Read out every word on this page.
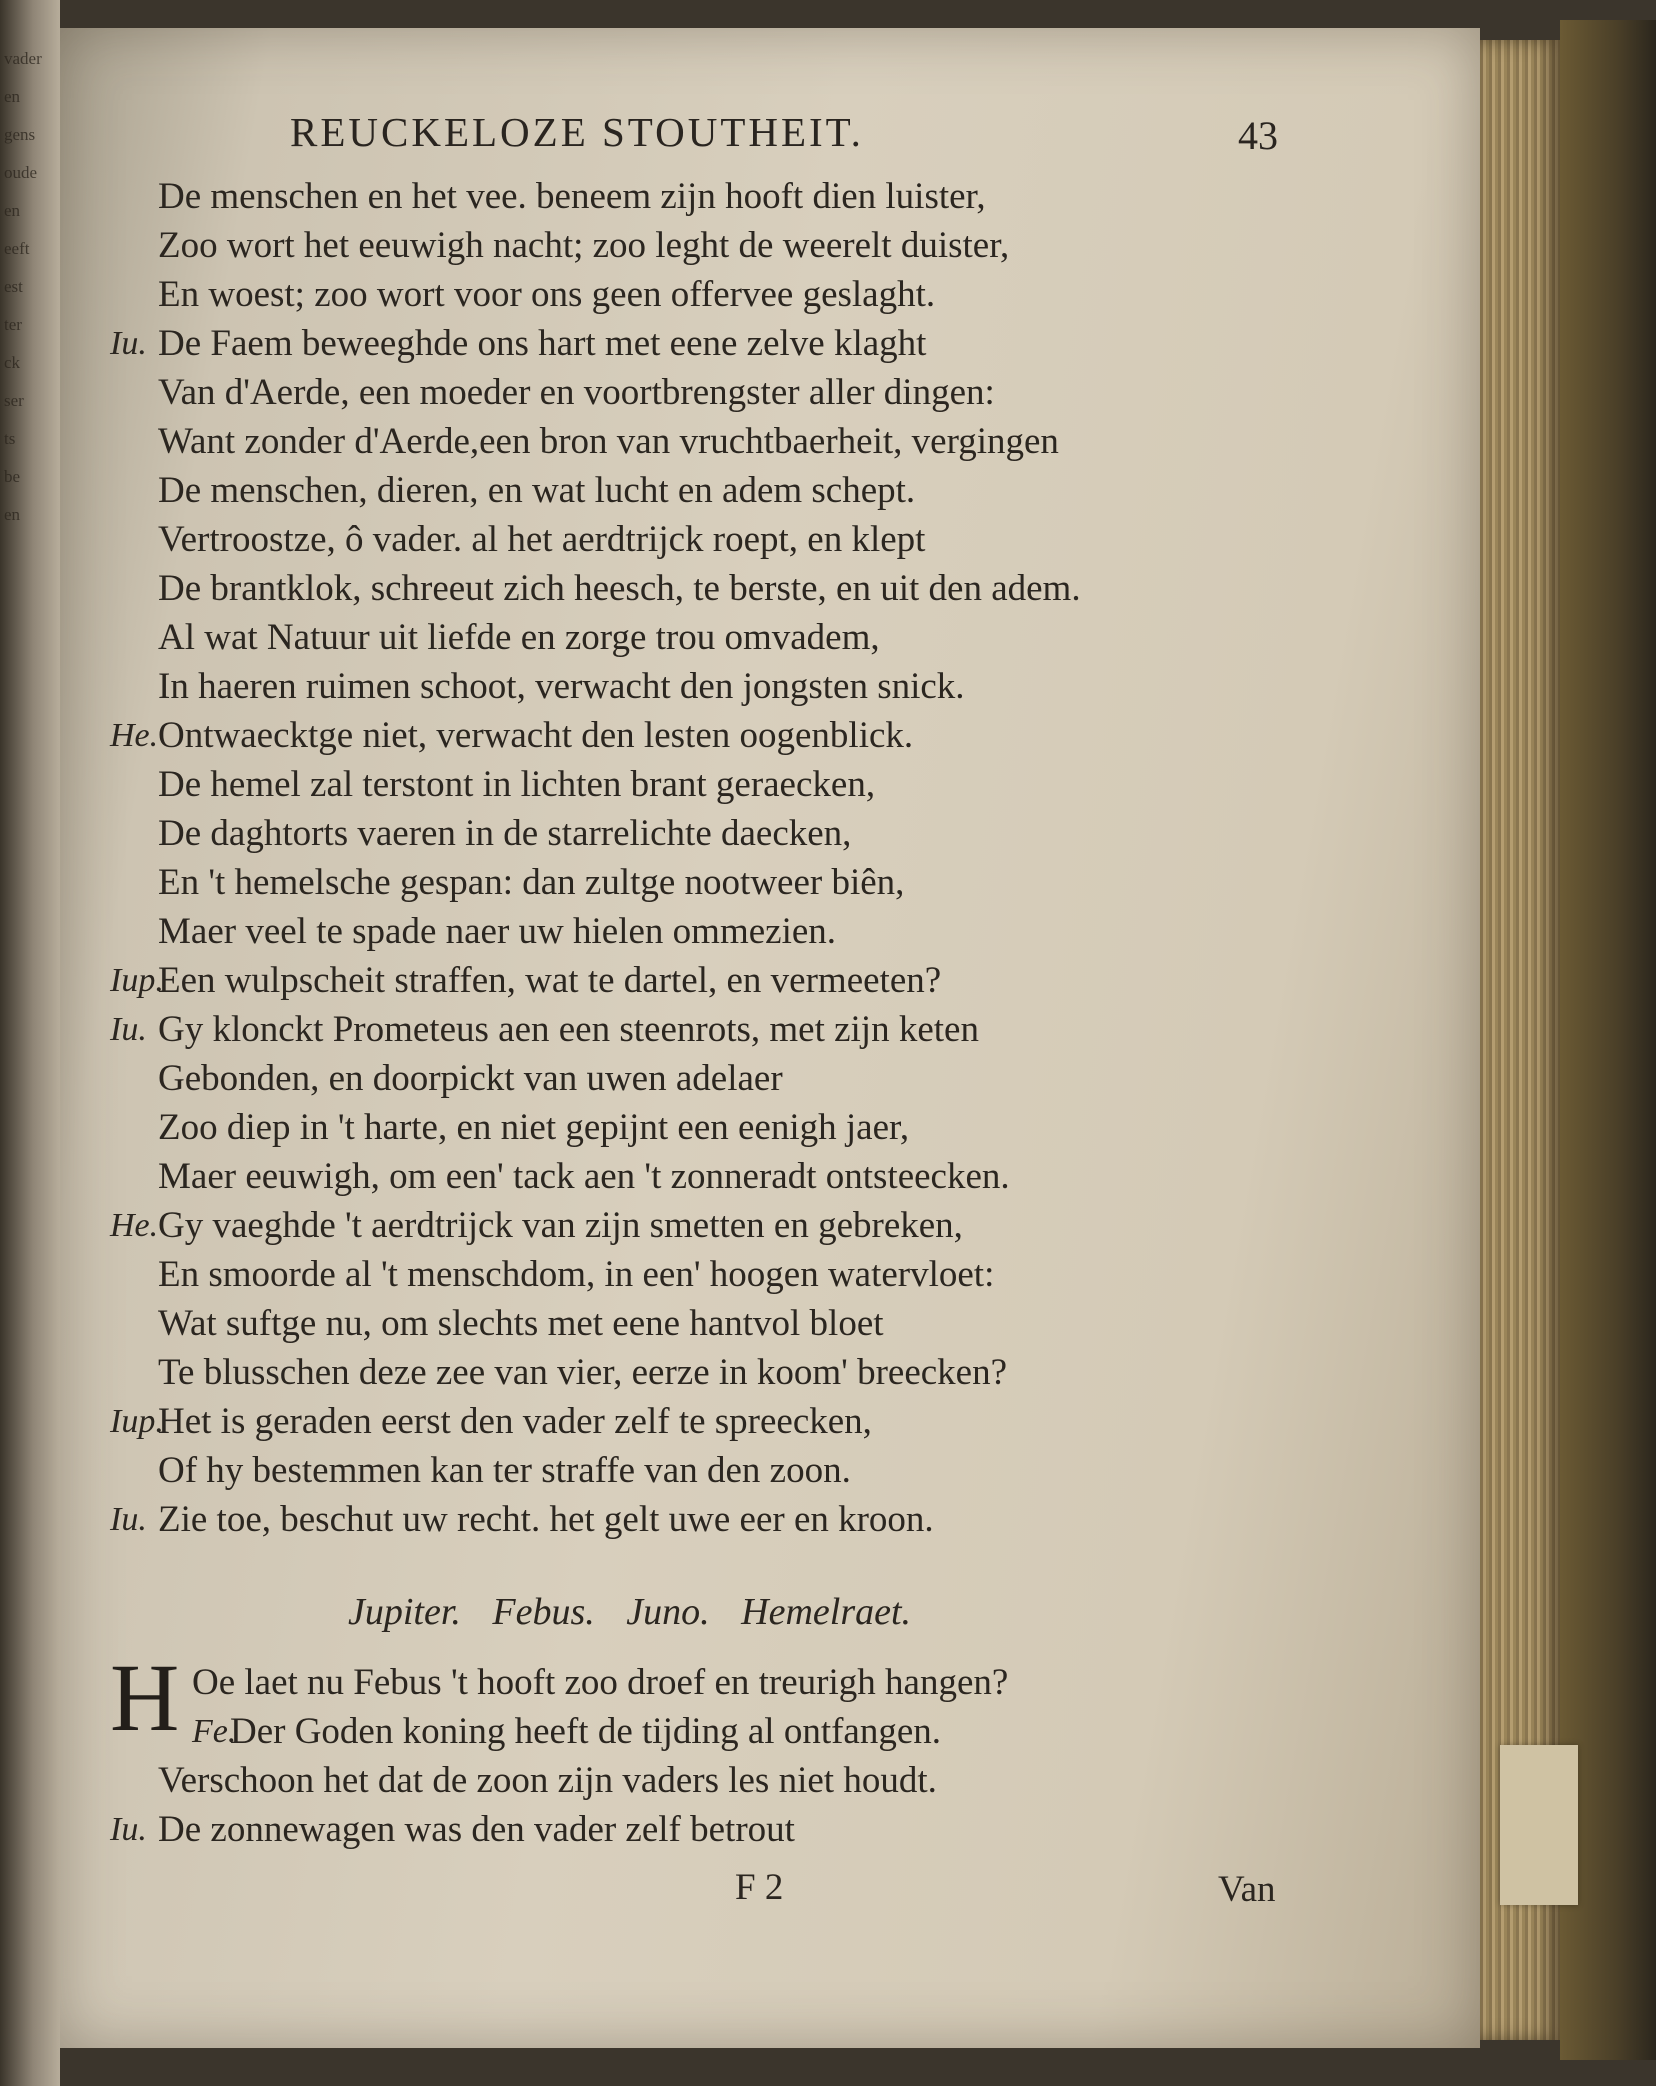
vader
en
gens
oude
en
eeft
est
ter
ck
ser
ts
be
en
REUCKELOZE STOUTHEIT.	43
De menschen en het vee. beneem zijn hooft dien luister,
Zoo wort het eeuwigh nacht; zoo leght de weerelt duister,
En woest; zoo wort voor ons geen offervee geslaght.
Iu. De Faem beweeghde ons hart met eene zelve klaght
Van d'Aerde, een moeder en voortbrengster aller dingen:
Want zonder d'Aerde,een bron van vruchtbaerheit, vergingen
De menschen, dieren, en wat lucht en adem schept.
Vertroostze, ô vader. al het aerdtrijck roept, en klept
De brantklok, schreeut zich heesch, te berste, en uit den adem.
Al wat Natuur uit liefde en zorge trou omvadem,
In haeren ruimen schoot, verwacht den jongsten snick.
He. Ontwaecktge niet, verwacht den lesten oogenblick.
De hemel zal terstont in lichten brant geraecken,
De daghtorts vaeren in de starrelichte daecken,
En 't hemelsche gespan: dan zultge nootweer biên,
Maer veel te spade naer uw hielen ommezien.
Iup.
Een wulpscheit straffen, wat te dartel, en vermeeten?
Iu. Gy klonckt Prometeus aen een steenrots, met zijn keten
Gebonden, en doorpickt van uwen adelaer
Zoo diep in 't harte, en niet gepijnt een eenigh jaer,
Maer eeuwigh, om een' tack aen 't zonneradt ontsteecken.
He. Gy vaeghde 't aerdtrijck van zijn smetten en gebreken,
En smoorde al 't menschdom, in een' hoogen watervloet:
Wat suftge nu, om slechts met eene hantvol bloet
Te blusschen deze zee van vier, eerze in koom' breecken?
Iup.
Het is geraden eerst den vader zelf te spreecken,
Of hy bestemmen kan ter straffe van den zoon.
Iu. Zie toe, beschut uw recht. het gelt uwe eer en kroon.
Jupiter. Febus. Juno. Hemelraet.
H Oe laet nu Febus 't hooft zoo droef en treurigh hangen?
Fe.
Der Goden koning heeft de tijding al ontfangen.
Verschoon het dat de zoon zijn vaders les niet houdt.
Iu. De zonnewagen was den vader zelf betrout
F 2	Van
